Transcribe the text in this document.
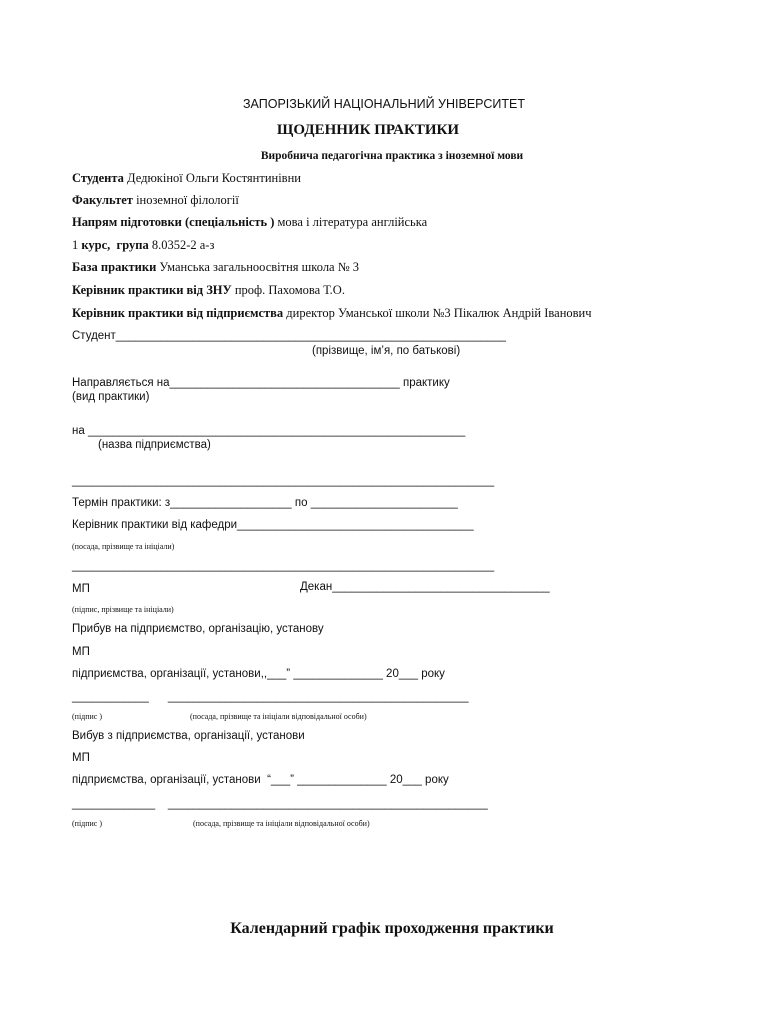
ЗАПОРІЗЬКИЙ НАЦІОНАЛЬНИЙ УНІВЕРСИТЕТ
ЩОДЕННИК ПРАКТИКИ
Виробнича педагогічна практика з іноземної мови
Студента Дедюкіної Ольги Костянтинівни
Факультет іноземної філології
Напрям підготовки (спеціальність ) мова і література англійська
1 курс,  група 8.0352-2 а-з
База практики Уманська загальноосвітня школа № 3
Керівник практики від ЗНУ проф. Пахомова Т.О.
Керівник практики від підприємства директор Уманської школи №3 Пікалюк Андрій Іванович
Студент_____________________________________________________________
(прізвище, ім’я, по батькові)
Направляється на____________________________________ практику
(вид практики)
на ___________________________________________________________
(назва підприємства)
__________________________________________________________________
Термін практики: з___________________ по _______________________
Керівник практики від кафедри_____________________________________
(посада, прізвище та ініціали)
__________________________________________________________________
МП	Декан__________________________________
(підпис, прізвище та ініціали)
Прибув на підприємство, організацію, установу
МП
підприємства, організації, установи,,___” ______________ 20___ року
____________      _______________________________________________
(підпис )	(посада, прізвище та ініціали відповідальної особи)
Вибув з підприємства, організації, установи
МП
підприємства, організації, установи  “___” ______________ 20___ року
_____________    __________________________________________________
(підпис )	(посада, прізвище та ініціали відповідальної особи)
Календарний графік проходження практики
